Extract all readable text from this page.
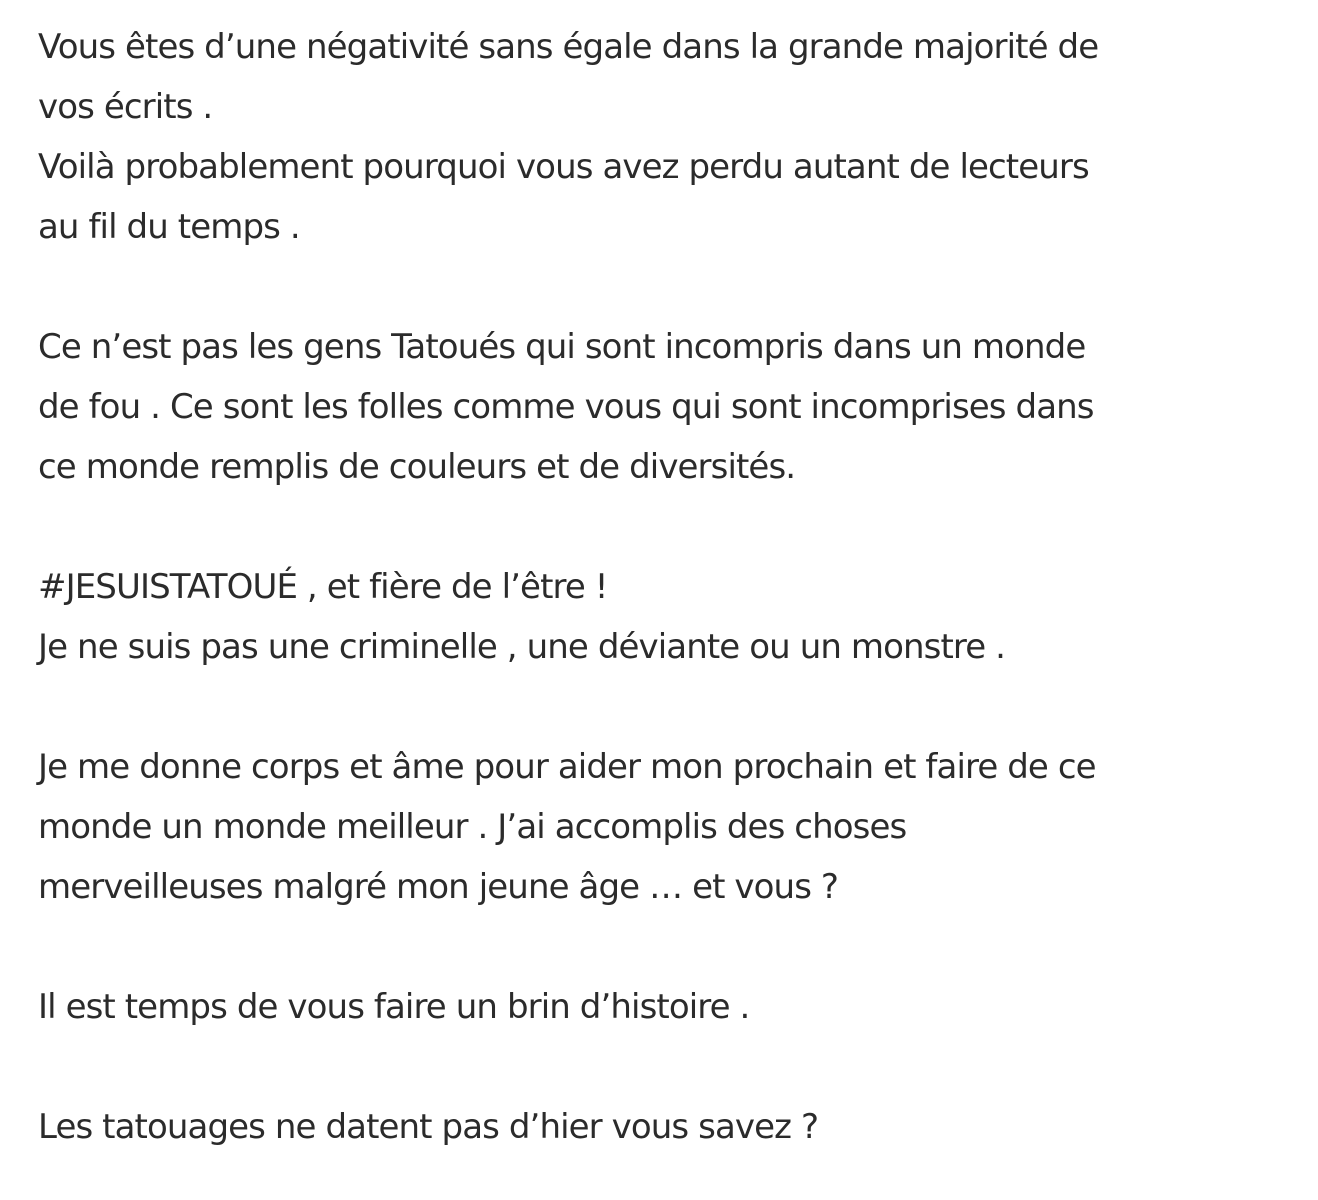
Vous êtes d’une négativité sans égale dans la grande majorité de
vos écrits .
Voilà probablement pourquoi vous avez perdu autant de lecteurs
au fil du temps .
Ce n’est pas les gens Tatoués qui sont incompris dans un monde
de fou . Ce sont les folles comme vous qui sont incomprises dans
ce monde remplis de couleurs et de diversités.
#JESUISTATOUÉ , et fière de l’être !
Je ne suis pas une criminelle , une déviante ou un monstre .
Je me donne corps et âme pour aider mon prochain et faire de ce
monde un monde meilleur . J’ai accomplis des choses
merveilleuses malgré mon jeune âge … et vous ?
Il est temps de vous faire un brin d’histoire .
Les tatouages ne datent pas d’hier vous savez ?
